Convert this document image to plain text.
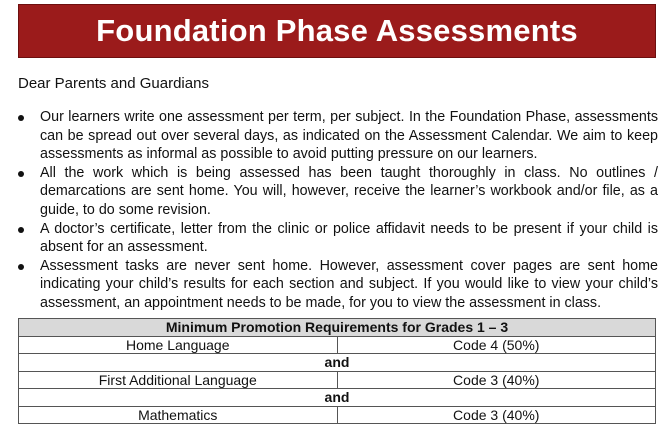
Foundation Phase Assessments
Dear Parents and Guardians
Our learners write one assessment per term, per subject. In the Foundation Phase, assessments can be spread out over several days, as indicated on the Assessment Calendar. We aim to keep assessments as informal as possible to avoid putting pressure on our learners.
All the work which is being assessed has been taught thoroughly in class. No outlines / demarcations are sent home. You will, however, receive the learner’s workbook and/or file, as a guide, to do some revision.
A doctor’s certificate, letter from the clinic or police affidavit needs to be present if your child is absent for an assessment.
Assessment tasks are never sent home. However, assessment cover pages are sent home indicating your child’s results for each section and subject. If you would like to view your child’s assessment, an appointment needs to be made, for you to view the assessment in class.
Minimum Promotion Requirements for Grades 1 – 3	
Home Language	Code 4 (50%)
and	
First Additional Language	Code 3 (40%)
and	
Mathematics	Code 3 (40%)
